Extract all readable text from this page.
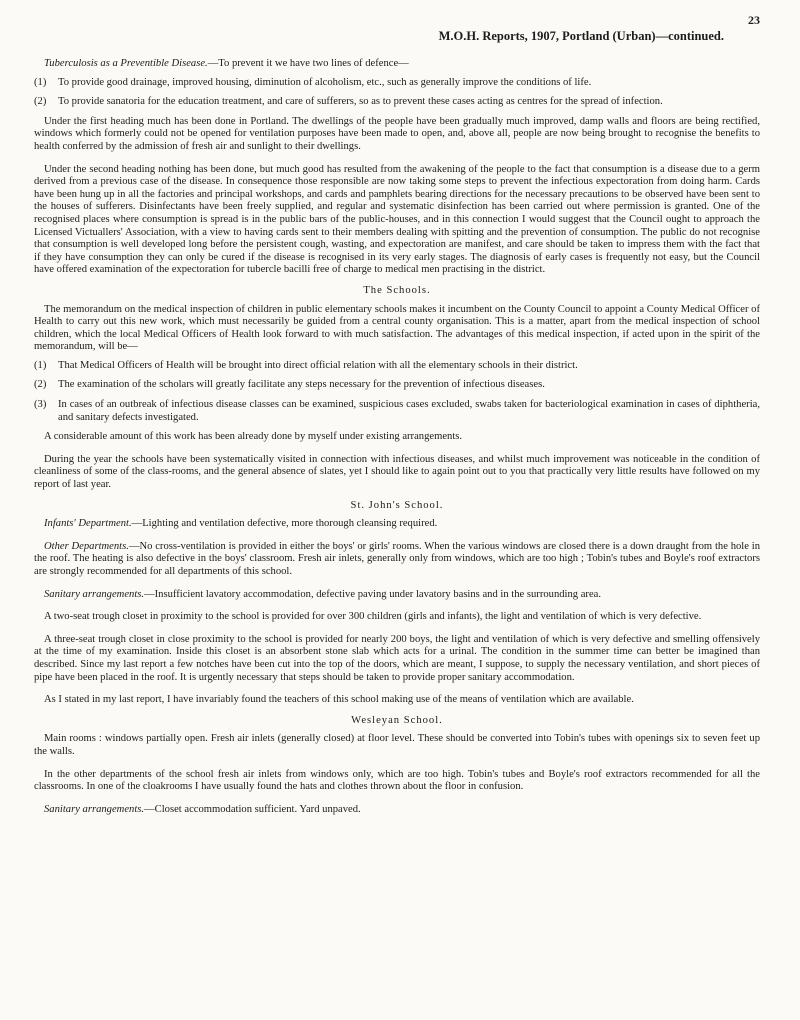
23
M.O.H. Reports, 1907, Portland (Urban)—continued.

Tuberculosis as a Preventible Disease.—To prevent it we have two lines of defence—

(1)	To provide good drainage, improved housing, diminution of alcoholism, etc., such as generally improve the conditions of life.
(2)	To provide sanatoria for the education treatment, and care of sufferers, so as to prevent these cases acting as centres for the spread of infection.

Under the first heading much has been done in Portland. The dwellings of the people have been gradually much improved, damp walls and floors are being rectified, windows which formerly could not be opened for ventilation purposes have been made to open, and, above all, people are now being brought to recognise the benefits to health conferred by the admission of fresh air and sunlight to their dwellings.

Under the second heading nothing has been done, but much good has resulted from the awakening of the people to the fact that consumption is a disease due to a germ derived from a previous case of the disease. In consequence those responsible are now taking some steps to prevent the infectious expectoration from doing harm. Cards have been hung up in all the factories and principal workshops, and cards and pamphlets bearing directions for the necessary precautions to be observed have been sent to the houses of sufferers. Disinfectants have been freely supplied, and regular and systematic disinfection has been carried out where permission is granted. One of the recognised places where consumption is spread is in the public bars of the public-houses, and in this connection I would suggest that the Council ought to approach the Licensed Victuallers' Association, with a view to having cards sent to their members dealing with spitting and the prevention of consumption. The public do not recognise that consumption is well developed long before the persistent cough, wasting, and expectoration are manifest, and care should be taken to impress them with the fact that if they have consumption they can only be cured if the disease is recognised in its very early stages. The diagnosis of early cases is frequently not easy, but the Council have offered examination of the expectoration for tubercle bacilli free of charge to medical men practising in the district.

The Schools.

The memorandum on the medical inspection of children in public elementary schools makes it incumbent on the County Council to appoint a County Medical Officer of Health to carry out this new work, which must necessarily be guided from a central county organisation. This is a matter, apart from the medical inspection of school children, which the local Medical Officers of Health look forward to with much satisfaction. The advantages of this medical inspection, if acted upon in the spirit of the memorandum, will be—

(1)	That Medical Officers of Health will be brought into direct official relation with all the elementary schools in their district.
(2)	The examination of the scholars will greatly facilitate any steps necessary for the prevention of infectious diseases.
(3)	In cases of an outbreak of infectious disease classes can be examined, suspicious cases excluded, swabs taken for bacteriological examination in cases of diphtheria, and sanitary defects investigated.

A considerable amount of this work has been already done by myself under existing arrangements.

During the year the schools have been systematically visited in connection with infectious diseases, and whilst much improvement was noticeable in the condition of cleanliness of some of the class-rooms, and the general absence of slates, yet I should like to again point out to you that practically very little results have followed on my report of last year.

St. John's School.

Infants' Department.—Lighting and ventilation defective, more thorough cleansing required.

Other Departments.—No cross-ventilation is provided in either the boys' or girls' rooms. When the various windows are closed there is a down draught from the hole in the roof. The heating is also defective in the boys' classroom. Fresh air inlets, generally only from windows, which are too high ; Tobin's tubes and Boyle's roof extractors are strongly recommended for all departments of this school.

Sanitary arrangements.—Insufficient lavatory accommodation, defective paving under lavatory basins and in the surrounding area.

A two-seat trough closet in proximity to the school is provided for over 300 children (girls and infants), the light and ventilation of which is very defective.

A three-seat trough closet in close proximity to the school is provided for nearly 200 boys, the light and ventilation of which is very defective and smelling offensively at the time of my examination. Inside this closet is an absorbent stone slab which acts for a urinal. The condition in the summer time can better be imagined than described. Since my last report a few notches have been cut into the top of the doors, which are meant, I suppose, to supply the necessary ventilation, and short pieces of pipe have been placed in the roof. It is urgently necessary that steps should be taken to provide proper sanitary accommodation.

As I stated in my last report, I have invariably found the teachers of this school making use of the means of ventilation which are available.

Wesleyan School.

Main rooms : windows partially open. Fresh air inlets (generally closed) at floor level. These should be converted into Tobin's tubes with openings six to seven feet up the walls.

In the other departments of the school fresh air inlets from windows only, which are too high. Tobin's tubes and Boyle's roof extractors recommended for all the classrooms. In one of the cloakrooms I have usually found the hats and clothes thrown about the floor in confusion.

Sanitary arrangements.—Closet accommodation sufficient. Yard unpaved.
